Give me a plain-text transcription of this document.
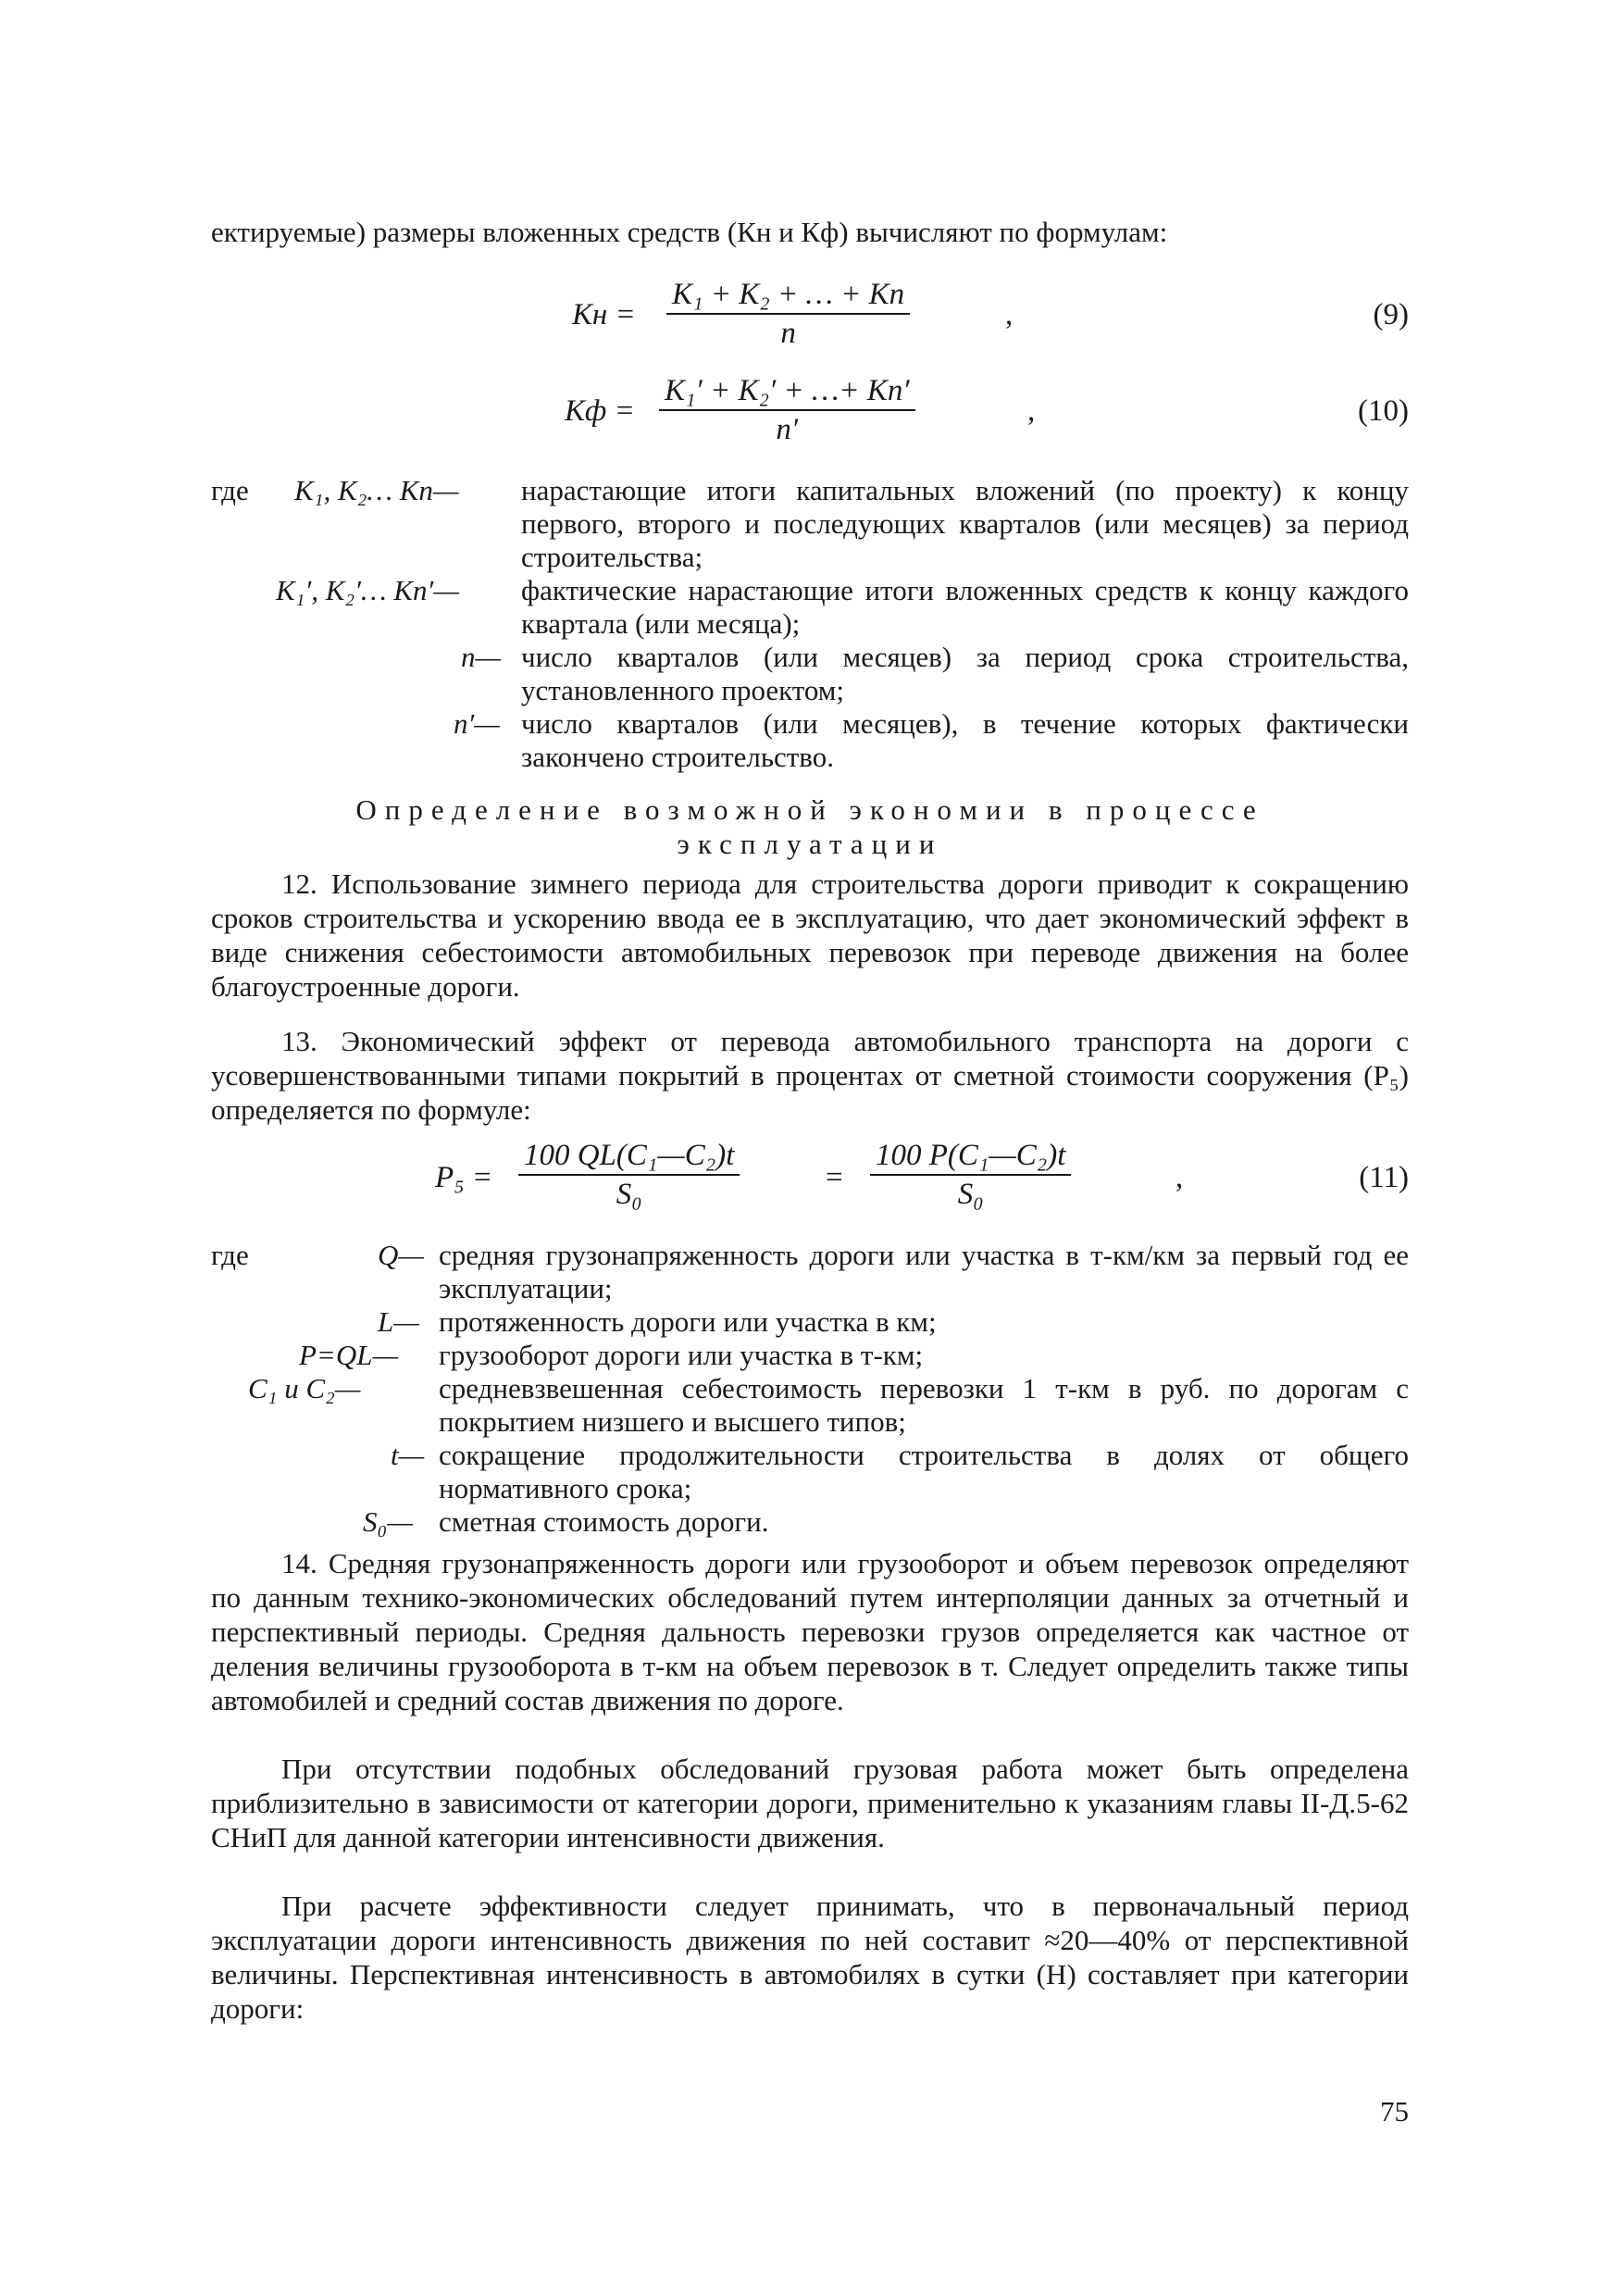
ектируемые) размеры вложенных средств (Кн и Кф) вычисляют по формулам:

Кн =
K₁ + K₂ + … + Kn
n
,	(9)
Кф =
K₁′ + K₂′ + …+ Kn′
n′
,	(10)
где K₁, K₂… Kn— нарастающие итоги капитальных вложений (по проекту) к концу первого, второго и последующих кварталов (или месяцев) за период строительства;
K₁′, K₂′… Kn′— фактические нарастающие итоги вложенных средств к концу каждого квартала (или месяца);
n— число кварталов (или месяцев) за период срока строительства, установленного проектом;
n′— число кварталов (или месяцев), в течение которых фактически закончено строительство.
Определение возможной экономии в процессе
эксплуатации

12. Использование зимнего периода для строительства дороги приводит к сокращению сроков строительства и ускорению ввода ее в эксплуатацию, что дает экономический эффект в виде снижения себестоимости автомобильных перевозок при переводе движения на более благоустроенные дороги.

13. Экономический эффект от перевода автомобильного транспорта на дороги с усовершенствованными типами покрытий в процентах от сметной стоимости сооружения (P₅) определяется по формуле:

P₅ =
100 QL(C₁—C₂)t
S₀	=
100 P(C₁—C₂)t
S₀	,	(11)
где	Q— средняя грузонапряженность дороги или участка в т-км/км за первый год ее эксплуатации;
L— протяженность дороги или участка в км;
P=QL— грузооборот дороги или участка в т-км;
C₁ и C₂—	средневзвешенная себестоимость перевозки 1 т-км в руб. по дорогам с покрытием низшего и высшего типов;
t— сокращение продолжительности строительства в долях от общего нормативного срока;
S₀— сметная стоимость дороги.

14. Средняя грузонапряженность дороги или грузооборот и объем перевозок определяют по данным технико-экономических обследований путем интерполяции данных за отчетный и перспективный периоды. Средняя дальность перевозки грузов определяется как частное от деления величины грузооборота в т-км на объем перевозок в т. Следует определить также типы автомобилей и средний состав движения по дороге.

При отсутствии подобных обследований грузовая работа может быть определена приблизительно в зависимости от категории дороги, применительно к указаниям главы II-Д.5-62 СНиП для данной категории интенсивности движения.

При расчете эффективности следует принимать, что в первоначальный период эксплуатации дороги интенсивность движения по ней составит ≈20—40% от перспективной величины. Перспективная интенсивность в автомобилях в сутки (H) составляет при категории дороги:

75
